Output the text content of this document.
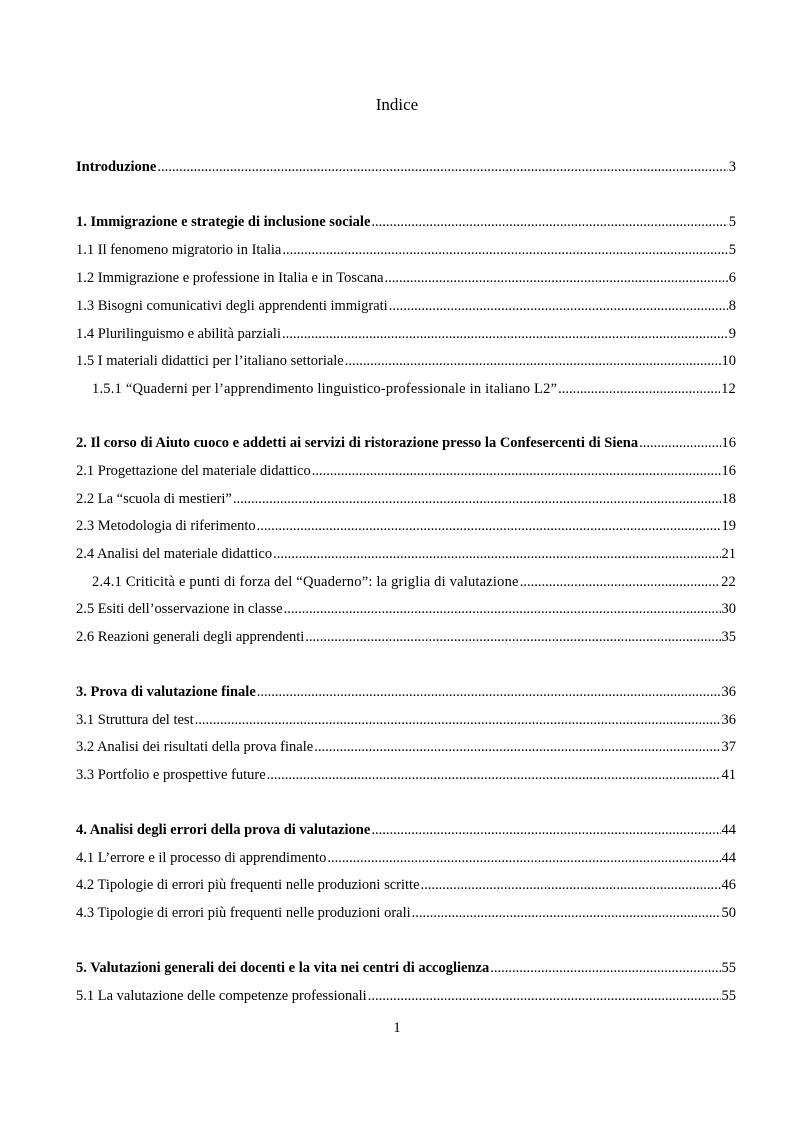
Indice
Introduzione .....	3
1. Immigrazione e strategie di inclusione sociale .....	5
1.1 Il fenomeno migratorio in Italia .....	5
1.2 Immigrazione e professione in Italia e in Toscana .....	6
1.3 Bisogni comunicativi degli apprendenti immigrati .....	8
1.4 Plurilinguismo e abilità parziali .....	9
1.5 I materiali didattici per l’italiano settoriale .....	10
1.5.1 “Quaderni per l’apprendimento linguistico-professionale in italiano L2” .....	12
2. Il corso di Aiuto cuoco e addetti ai servizi di ristorazione presso la Confesercenti di Siena .....	16
2.1 Progettazione del materiale didattico .....	16
2.2 La “scuola di mestieri” .....	18
2.3 Metodologia di riferimento .....	19
2.4 Analisi del materiale didattico .....	21
2.4.1 Criticità e punti di forza del “Quaderno”: la griglia di valutazione .....	22
2.5 Esiti dell’osservazione in classe .....	30
2.6 Reazioni generali degli apprendenti .....	35
3. Prova di valutazione finale .....	36
3.1 Struttura del test .....	36
3.2 Analisi dei risultati della prova finale .....	37
3.3 Portfolio e prospettive future .....	41
4. Analisi degli errori della prova di valutazione .....	44
4.1 L’errore e il processo di apprendimento .....	44
4.2 Tipologie di errori più frequenti nelle produzioni scritte .....	46
4.3 Tipologie di errori più frequenti nelle produzioni orali .....	50
5. Valutazioni generali dei docenti e la vita nei centri di accoglienza .....	55
5.1 La valutazione delle competenze professionali .....	55
1
